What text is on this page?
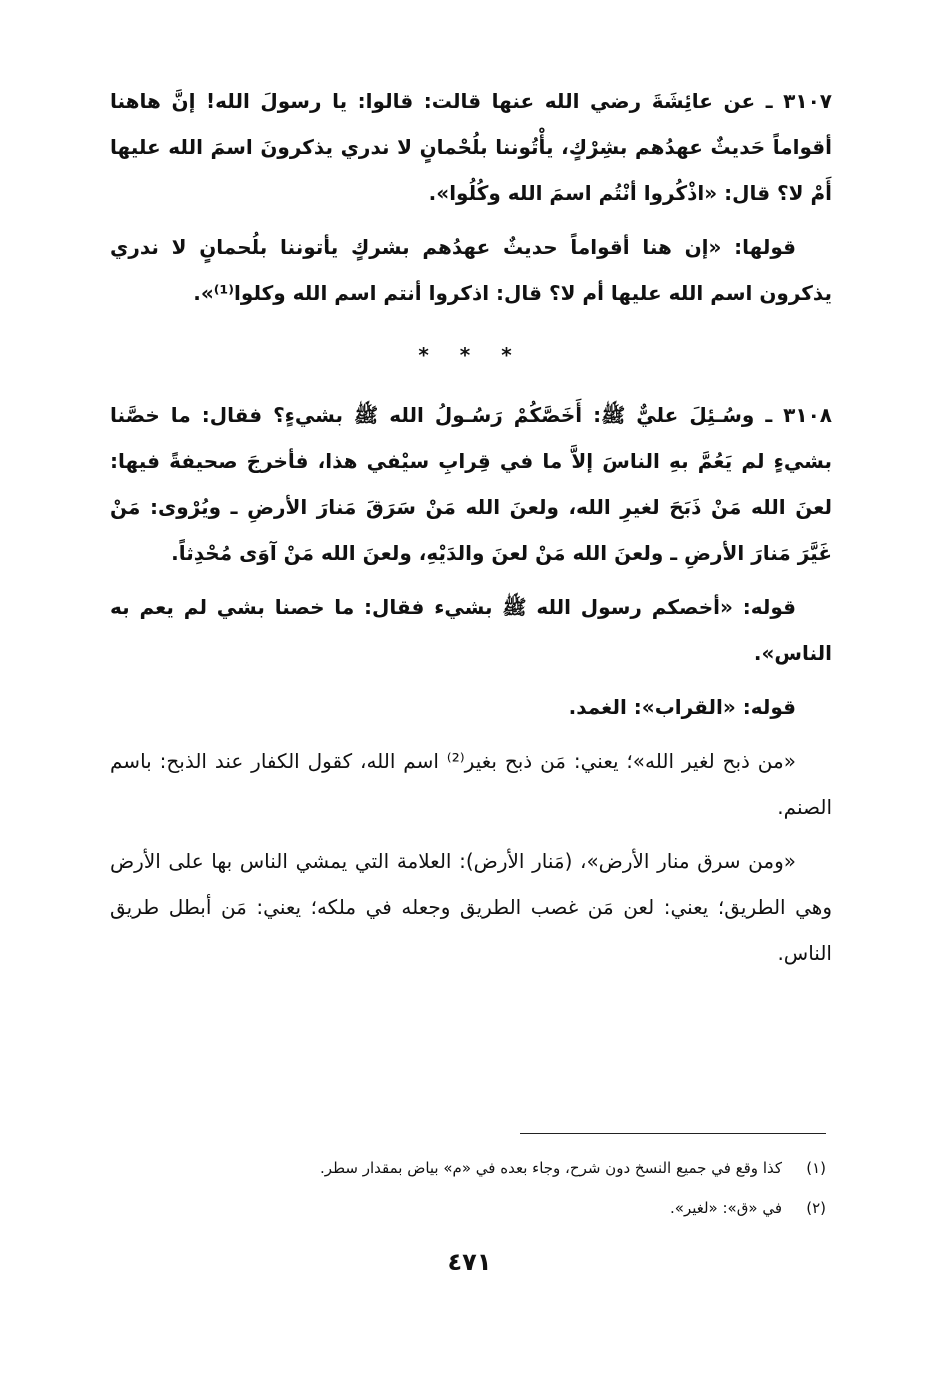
٣١٠٧ ـ عن عائِشَةَ رضي الله عنها قالت: قالوا: يا رسولَ الله! إنَّ هاهنا أقواماً حَديثٌ عهدُهم بشِرْكٍ، يأْتُوننا بلُحْمانٍ لا ندري يذكرونَ اسمَ الله عليها أَمْ لا؟ قال: «اذْكُروا أنْتُم اسمَ الله وكُلُوا».

قولها: «إن هنا أقواماً حديثٌ عهدُهم بشركٍ يأتوننا بلُحمانٍ لا ندري يذكرون اسم الله عليها أم لا؟ قال: اذكروا أنتم اسم الله وكلوا⁽¹⁾».

* * *

٣١٠٨ ـ وسُـئِلَ عليٌّ ﷺ: أَخَصَّكُمْ رَسُـولُ الله ﷺ بشيءٍ؟ فقال: ما خصَّنا بشيءٍ لم يَعُمَّ بهِ الناسَ إلاَّ ما في قِرابِ سيْفي هذا، فأخرجَ صحيفةً فيها: لعنَ الله مَنْ ذَبَحَ لغيرِ الله، ولعنَ الله مَنْ سَرَقَ مَنارَ الأرضِ ـ ويُرْوى: مَنْ غَيَّرَ مَنارَ الأرضِ ـ ولعنَ الله مَنْ لعنَ والدَيْهِ، ولعنَ الله مَنْ آوَى مُحْدِثاً.

قوله: «أخصكم رسول الله ﷺ بشيء فقال: ما خصنا بشي لم يعم به الناس».

قوله: «القراب»: الغمد.

«من ذبح لغير الله»؛ يعني: مَن ذبح بغير⁽²⁾ اسم الله، كقول الكفار عند الذبح: باسم الصنم.

«ومن سرق منار الأرض»، (مَنار الأرض): العلامة التي يمشي الناس بها على الأرض وهي الطريق؛ يعني: لعن مَن غصب الطريق وجعله في ملكه؛ يعني: مَن أبطل طريق الناس.

(١)
كذا وقع في جميع النسخ دون شرح، وجاء بعده في «م» بياض بمقدار سطر.
(٢)
في «ق»: «لغير».
٤٧١
